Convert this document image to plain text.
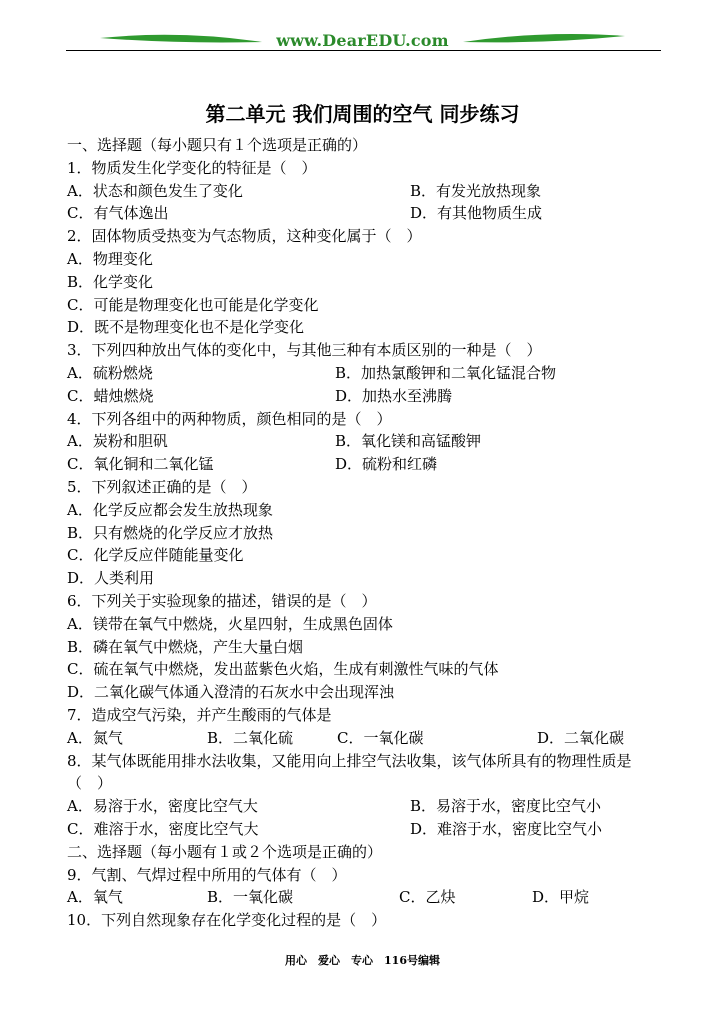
www.DearEDU.com
第二单元 我们周围的空气 同步练习
一、选择题（每小题只有１个选项是正确的）
1．物质发生化学变化的特征是（　）
A．状态和颜色发生了变化	B．有发光放热现象
C．有气体逸出	D．有其他物质生成
2．固体物质受热变为气态物质，这种变化属于（　）
A．物理变化
B．化学变化
C．可能是物理变化也可能是化学变化
D．既不是物理变化也不是化学变化
3．下列四种放出气体的变化中，与其他三种有本质区别的一种是（　）
A．硫粉燃烧	B．加热氯酸钾和二氧化锰混合物
C．蜡烛燃烧	D．加热水至沸腾
4．下列各组中的两种物质，颜色相同的是（　）
A．炭粉和胆矾	B．氧化镁和高锰酸钾
C．氧化铜和二氧化锰	D．硫粉和红磷
5．下列叙述正确的是（　）
A．化学反应都会发生放热现象
B．只有燃烧的化学反应才放热
C．化学反应伴随能量变化
D．人类利用
6．下列关于实验现象的描述，错误的是（　）
A．镁带在氧气中燃烧，火星四射，生成黑色固体
B．磷在氧气中燃烧，产生大量白烟
C．硫在氧气中燃烧，发出蓝紫色火焰，生成有刺激性气味的气体
D．二氧化碳气体通入澄清的石灰水中会出现浑浊
7．造成空气污染，并产生酸雨的气体是
A．氮气	B．二氧化硫	C．一氧化碳	D．二氧化碳
8．某气体既能用排水法收集，又能用向上排空气法收集，该气体所具有的物理性质是（　）
A．易溶于水，密度比空气大	B．易溶于水，密度比空气小
C．难溶于水，密度比空气大	D．难溶于水，密度比空气小
二、选择题（每小题有１或２个选项是正确的）
9．气割、气焊过程中所用的气体有（　）
A．氧气	B．一氧化碳	C．乙炔	D．甲烷
10．下列自然现象存在化学变化过程的是（　）
用心　爱心　专心　116号编辑
